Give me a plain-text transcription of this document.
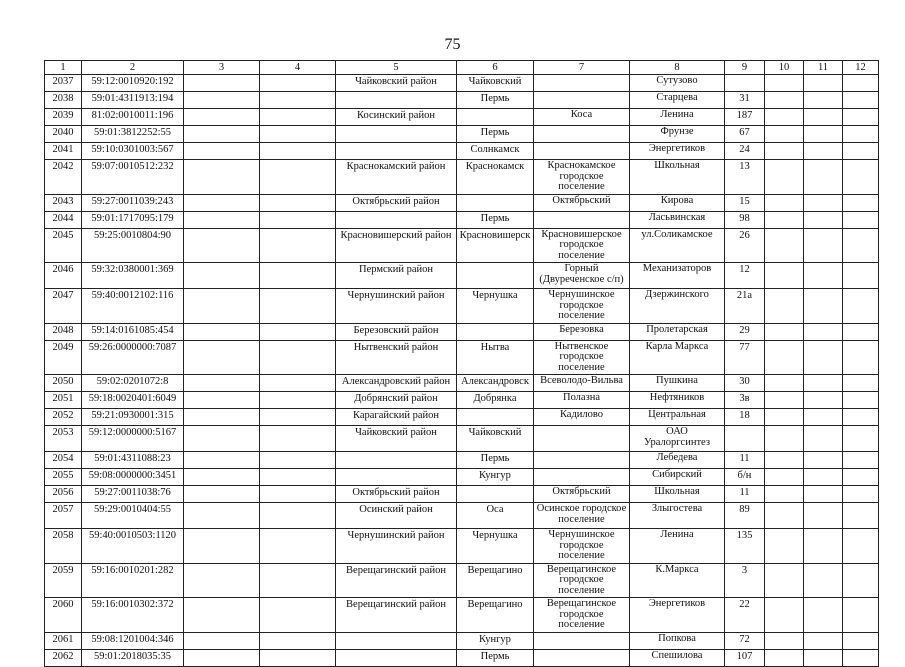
75
1	2	3	4	5	6	7	8	9	10	11	12
2037	59:12:0010920:192			Чайковский район	Чайковский		Сутузово				
2038	59:01:4311913:194				Пермь		Старцева	31			
2039	81:02:0010011:196			Косинский район		Коса	Ленина	187			
2040	59:01:3812252:55				Пермь		Фрунзе	67			
2041	59:10:0301003:567				Солнкамск		Энергетиков	24			
2042	59:07:0010512:232			Краснокамский район	Краснокамск	Краснокамское городское поселение	Школьная	13			
2043	59:27:0011039:243			Октябрьский район		Октябрьский	Кирова	15			
2044	59:01:1717095:179				Пермь		Ласьвинская	98			
2045	59:25:0010804:90			Красновишерский район	Красновишерск	Красновишерское городское поселение	ул.Соликамское	26			
2046	59:32:0380001:369			Пермский район		Горный (Двуреченское с/п)	Механизаторов	12			
2047	59:40:0012102:116			Чернушинский район	Чернушка	Чернушинское городское поселение	Дзержинского	21а			
2048	59:14:0161085:454			Березовский район		Березовка	Пролетарская	29			
2049	59:26:0000000:7087			Нытвенский район	Нытва	Нытвенское городское поселение	Карла Маркса	77			
2050	59:02:0201072:8			Александровский район	Александровск	Всеволодо-Вильва	Пушкина	30			
2051	59:18:0020401:6049			Добрянский район	Добрянка	Полазна	Нефтяников	3в			
2052	59:21:0930001:315			Карагайский район		Кадилово	Центральная	18			
2053	59:12:0000000:5167			Чайковский район	Чайковский		ОАО Уралоргсинтез				
2054	59:01:4311088:23				Пермь		Лебедева	11			
2055	59:08:0000000:3451				Кунгур		Сибирский	б/н			
2056	59:27:0011038:76			Октябрьский район		Октябрьский	Школьная	11			
2057	59:29:0010404:55			Осинский район	Оса	Осинское городское поселение	Злыгостева	89			
2058	59:40:0010503:1120			Чернушинский район	Чернушка	Чернушинское городское поселение	Ленина	135			
2059	59:16:0010201:282			Верещагинский район	Верещагино	Верещагинское городское поселение	К.Маркса	3			
2060	59:16:0010302:372			Верещагинский район	Верещагино	Верещагинское городское поселение	Энергетиков	22			
2061	59:08:1201004:346				Кунгур		Попкова	72			
2062	59:01:2018035:35				Пермь		Спешилова	107			
